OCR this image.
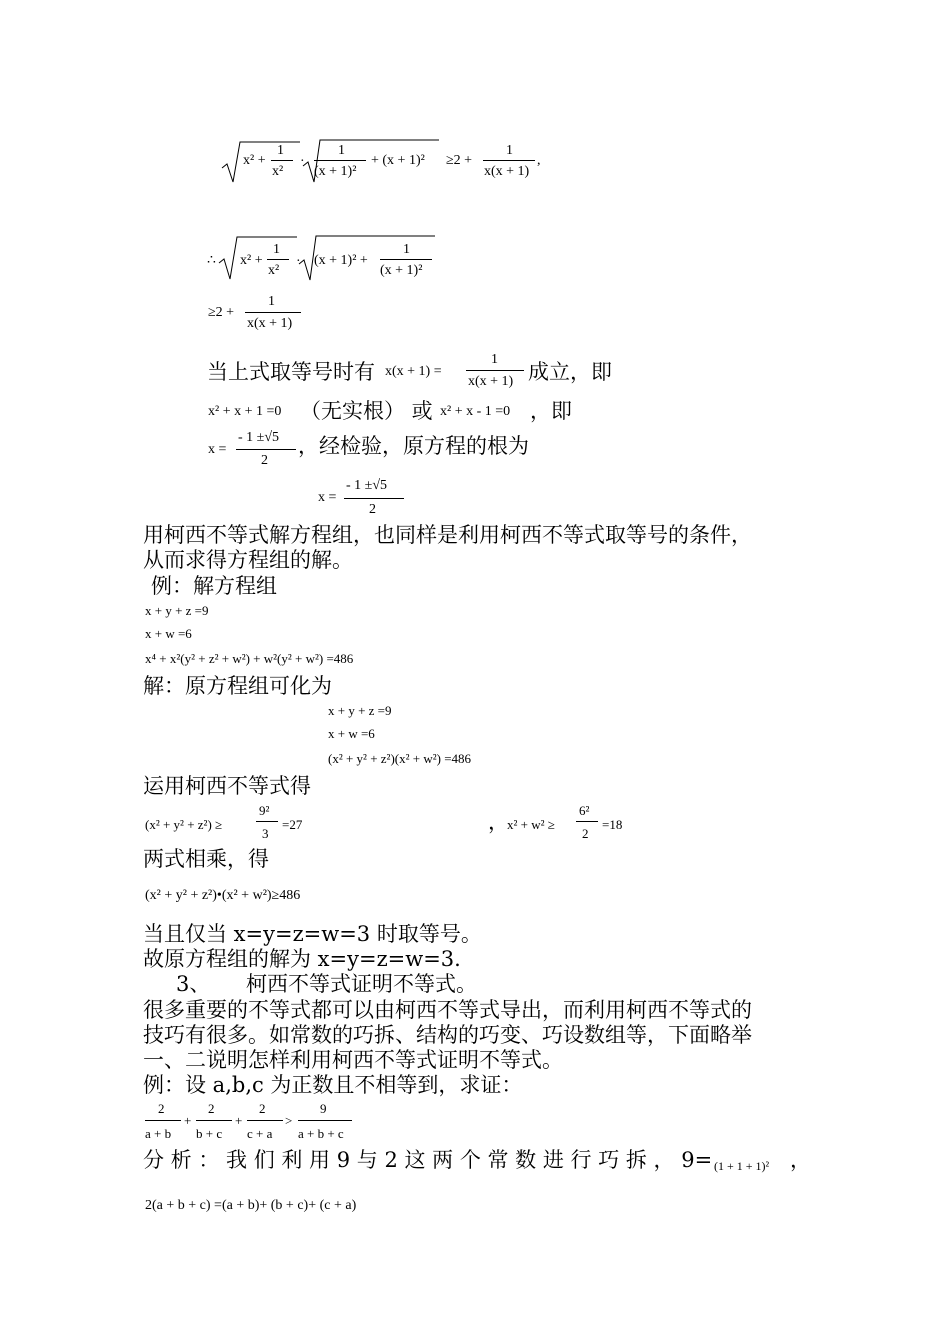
x² +
1
x²
·
1
(x + 1)²
+ (x + 1)² ≥2 +
1
x(x + 1)
,
∴ x² +
1
x²
· (x + 1)² +
1
(x + 1)²
≥2 +
1
x(x + 1)
当上式取等号时有 x(x + 1) =
1
x(x + 1) 成立，即
x² + x + 1 =0 （无实根） 或 x² + x - 1 =0 ，即
x =
- 1 ±√5
2
，经检验，原方程的根为
x =
- 1 ±√5
2
用柯西不等式解方程组，也同样是利用柯西不等式取等号的条件，
从而求得方程组的解。
例：解方程组
x + y + z =9
x + w =6
x⁴ + x²(y² + z² + w²) + w²(y² + w²) =486
解：原方程组可化为
x + y + z =9
x + w =6
(x² + y² + z²)(x² + w²) =486
运用柯西不等式得
(x² + y² + z²) ≥
9²
3
=27	，
x² + w² ≥
6²
2
=18
两式相乘，得
(x² + y² + z²)•(x² + w²)≥486
当且仅当 x=y=z=w=3 时取等号。
故原方程组的解为 x=y=z=w=3.
3、 柯西不等式证明不等式。
很多重要的不等式都可以由柯西不等式导出，而利用柯西不等式的
技巧有很多。如常数的巧拆、结构的巧变、巧设数组等，下面略举
一、二说明怎样利用柯西不等式证明不等式。
例：设 a,b,c 为正数且不相等到，求证：
2
a + b
+
2
b + c
+
2
c + a
>
9
a + b + c
分 析 ： 我 们 利 用 9 与 2 这 两 个 常 数 进 行 巧 拆 ， 9= (1 + 1 + 1)² ，
2(a + b + c) =(a + b)+ (b + c)+ (c + a)
